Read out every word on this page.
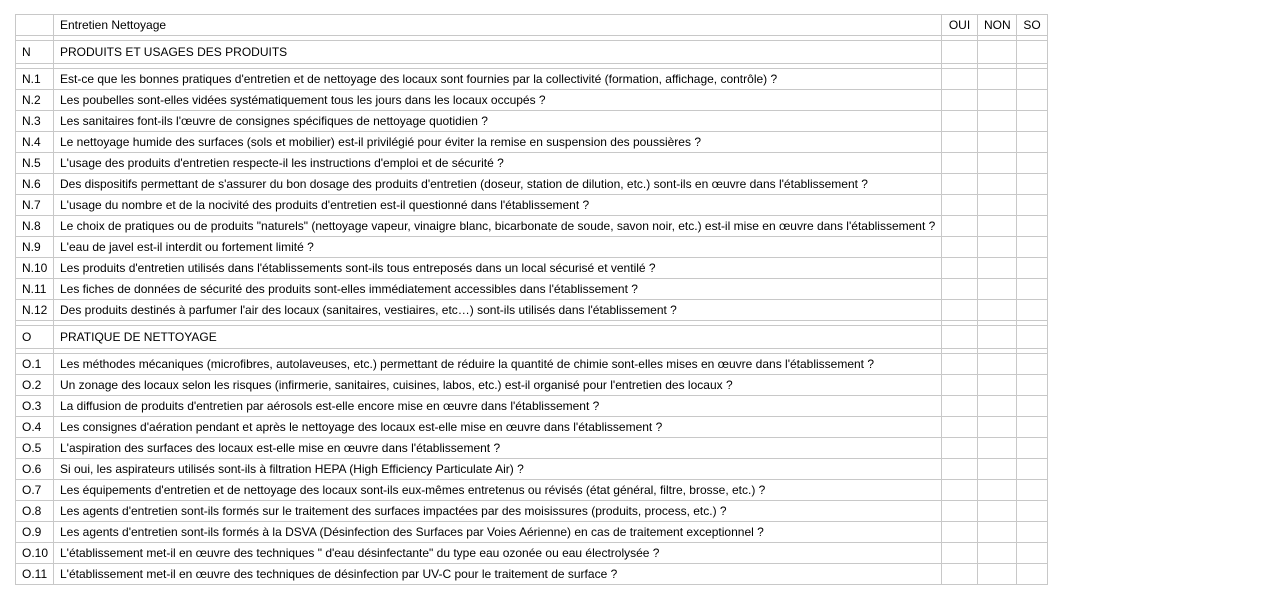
	Entretien Nettoyage	OUI	NON	SO

N	PRODUITS ET USAGES DES PRODUITS			

N.1	Est-ce que les bonnes pratiques d'entretien et de nettoyage des locaux sont fournies par la collectivité (formation, affichage, contrôle) ?			
N.2	Les poubelles sont-elles vidées systématiquement tous les jours dans les locaux occupés ?			
N.3	Les sanitaires font-ils l'œuvre de consignes spécifiques de nettoyage quotidien ?			
N.4	Le nettoyage humide des surfaces (sols et mobilier) est-il privilégié pour éviter la remise en suspension des poussières ?			
N.5	L'usage des produits d'entretien respecte-il les instructions d'emploi et de sécurité ?			
N.6	Des dispositifs permettant de s'assurer du bon dosage des produits d'entretien (doseur, station de dilution, etc.) sont-ils en œuvre dans l'établissement ?			
N.7	L'usage du nombre et de la nocivité des produits d'entretien est-il questionné dans l'établissement ?			
N.8	Le choix de pratiques ou de produits "naturels" (nettoyage vapeur, vinaigre blanc, bicarbonate de soude, savon noir, etc.) est-il mise en œuvre dans l'établissement ?			
N.9	L'eau de javel est-il interdit ou fortement limité ?			
N.10	Les produits d'entretien utilisés dans l'établissements sont-ils tous entreposés dans un local sécurisé et ventilé ?			
N.11	Les fiches de données de sécurité des produits sont-elles immédiatement accessibles dans l'établissement ?			
N.12	Des produits destinés à parfumer l'air des locaux (sanitaires, vestiaires, etc…) sont-ils utilisés dans l'établissement ?			

O	PRATIQUE DE NETTOYAGE			

O.1	Les méthodes mécaniques (microfibres, autolaveuses, etc.) permettant de réduire la quantité de chimie sont-elles mises en œuvre dans l'établissement ?			
O.2	Un zonage des locaux selon les risques (infirmerie, sanitaires, cuisines, labos, etc.) est-il organisé pour l'entretien des locaux ?			
O.3	La diffusion de produits d'entretien par aérosols est-elle encore mise en œuvre dans l'établissement ?			
O.4	Les consignes d'aération pendant et après le nettoyage des locaux est-elle mise en œuvre dans l'établissement ?			
O.5	L'aspiration des surfaces des locaux est-elle mise en œuvre dans l'établissement ?			
O.6	Si oui, les aspirateurs utilisés sont-ils à filtration HEPA (High Efficiency Particulate Air) ?			
O.7	Les équipements d'entretien et de nettoyage des locaux sont-ils eux-mêmes entretenus ou révisés (état général, filtre, brosse, etc.) ?			
O.8	Les agents d'entretien sont-ils formés sur le traitement des surfaces impactées par des moisissures (produits, process, etc.) ?			
O.9	Les agents d'entretien sont-ils formés à la DSVA (Désinfection des Surfaces par Voies Aérienne) en cas de traitement exceptionnel ?			
O.10	L'établissement met-il en œuvre des techniques " d'eau désinfectante" du type eau ozonée ou eau électrolysée ?			
O.11	L'établissement met-il en œuvre des techniques de désinfection par UV-C pour le traitement de surface ?			
